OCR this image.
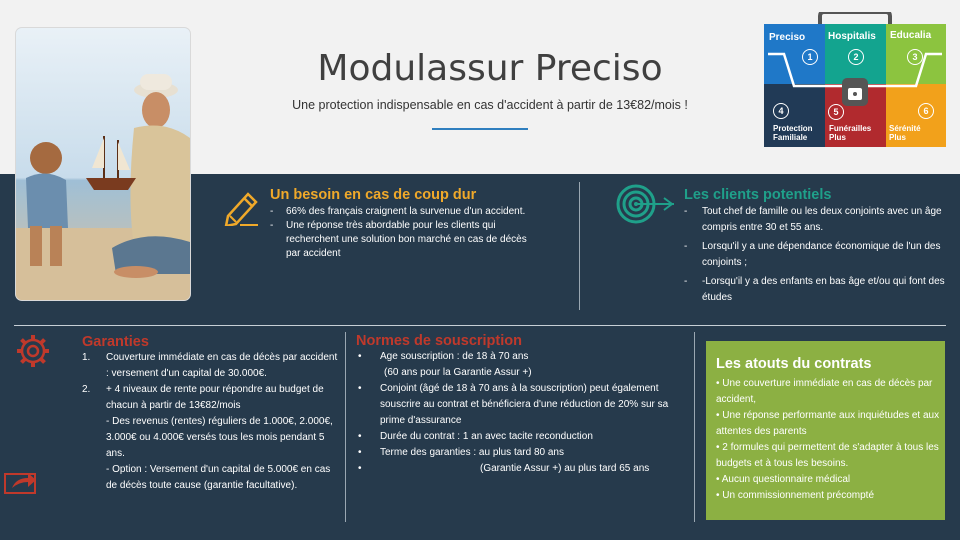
Modulassur Preciso
Une protection indispensable en cas d'accident à partir de 13€82/mois !
Preciso
1
Hospitalis
2
Educalia
3
4
Protection Familiale
5
Funérailles Plus
6
Sérénité Plus
Un besoin en cas de coup dur
- 66% des français craignent la survenue d'un accident.
- Une réponse très abordable pour les clients qui recherchent une solution bon marché en cas de décès par accident
Les clients potentiels
- Tout chef de famille ou les deux conjoints avec un âge compris entre 30 et 55 ans.
- Lorsqu'il y a une dépendance économique de l'un des conjoints ;
- -Lorsqu'il y a des enfants en bas âge et/ou qui font des études
Garanties
1. Couverture immédiate en cas de décès par accident : versement d'un capital de 30.000€.
2. + 4 niveaux de rente pour répondre au budget de chacun à partir de 13€82/mois
- Des revenus (rentes) réguliers de 1.000€, 2.000€, 3.000€ ou 4.000€ versés tous les mois pendant 5 ans.
- Option : Versement d'un capital de 5.000€ en cas de décès toute cause (garantie facultative).
Normes de souscription
• Age souscription : de 18 à 70 ans
(60 ans pour la Garantie Assur +)
• Conjoint (âgé de 18 à 70 ans à la souscription) peut également souscrire au contrat et bénéficiera d'une réduction de 20% sur sa prime d'assurance
• Durée du contrat : 1 an avec tacite reconduction
• Terme des garanties : au plus tard 80 ans
• (Garantie Assur +) au plus tard 65 ans
Les atouts du contrats
• Une couverture immédiate en cas de décès par accident,
• Une réponse performante aux inquiétudes et aux attentes des parents
• 2 formules qui permettent de s'adapter à tous les budgets et à tous les besoins.
• Aucun questionnaire médical
• Un commissionnement précompté
